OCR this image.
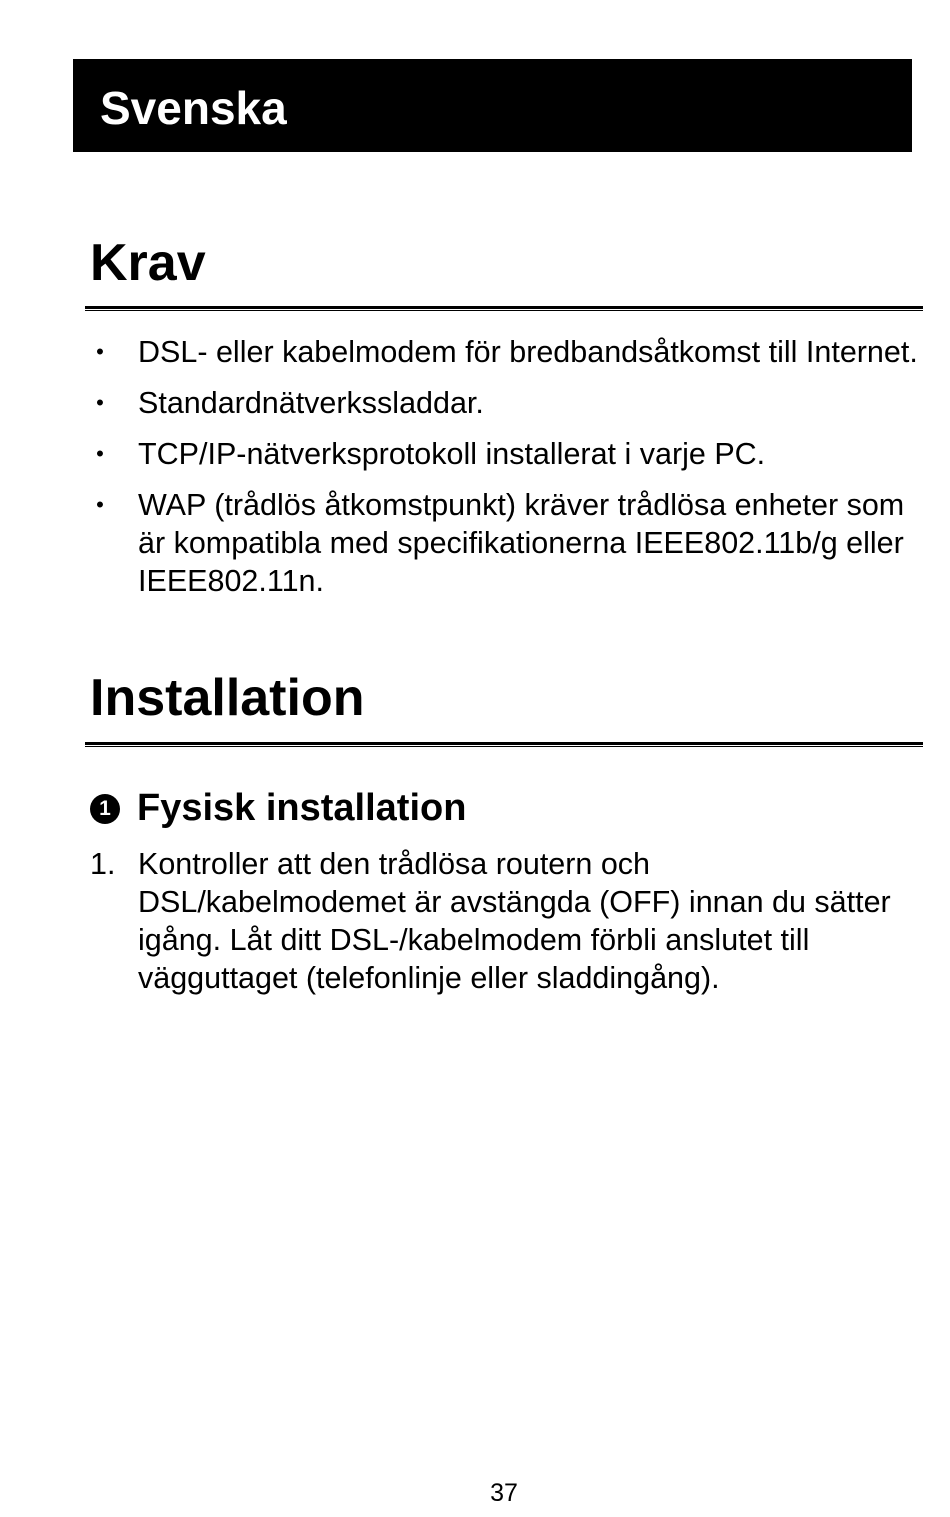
Svenska
Krav
• DSL- eller kabelmodem för bredbandsåtkomst till Internet.
• Standardnätverkssladdar.
• TCP/IP-nätverksprotokoll installerat i varje PC.
• WAP (trådlös åtkomstpunkt) kräver trådlösa enheter som är kompatibla med specifikationerna IEEE802.11b/g eller IEEE802.11n.
Installation
1 Fysisk installation
1. Kontroller att den trådlösa routern och DSL/kabelmodemet är avstängda (OFF) innan du sätter igång. Låt ditt DSL-/kabelmodem förbli anslutet till vägguttaget (telefonlinje eller sladdingång).
37
